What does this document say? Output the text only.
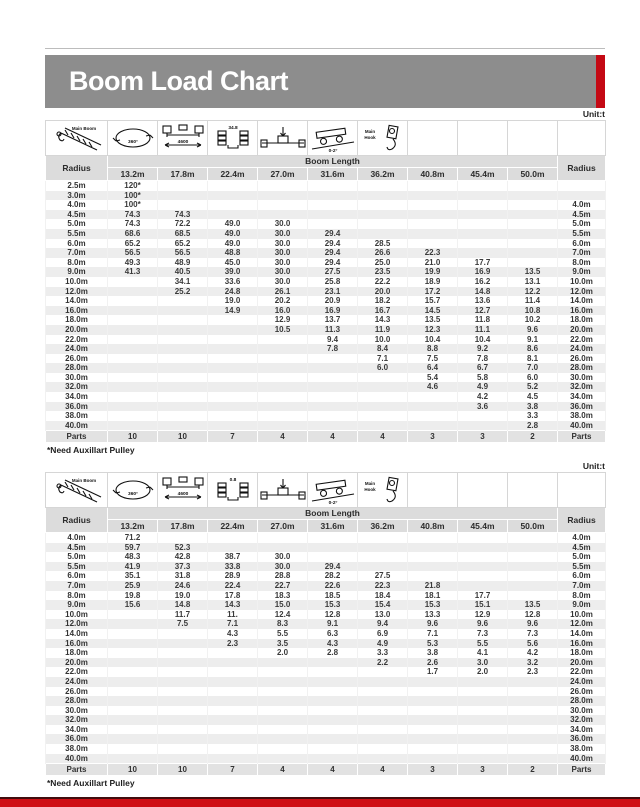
Boom Load Chart
Unit:t
Main Boom	360°	4600	34.8		0-2°	Main
Hook				

Radius	Boom Length									Radius
	13.2m	17.8m	22.4m	27.0m	31.6m	36.2m	40.8m	45.4m	50.0m	
2.5m	120*									
3.0m	100*									
4.0m	100*									4.0m
4.5m	74.3	74.3								4.5m
5.0m	74.3	72.2	49.0	30.0						5.0m
5.5m	68.6	68.5	49.0	30.0	29.4					5.5m
6.0m	65.2	65.2	49.0	30.0	29.4	28.5				6.0m
7.0m	56.5	56.5	48.8	30.0	29.4	26.6	22.3			7.0m
8.0m	49.3	48.9	45.0	30.0	29.4	25.0	21.0	17.7		8.0m
9.0m	41.3	40.5	39.0	30.0	27.5	23.5	19.9	16.9	13.5	9.0m
10.0m		34.1	33.6	30.0	25.8	22.2	18.9	16.2	13.1	10.0m
12.0m		25.2	24.8	26.1	23.1	20.0	17.2	14.8	12.2	12.0m
14.0m			19.0	20.2	20.9	18.2	15.7	13.6	11.4	14.0m
16.0m			14.9	16.0	16.9	16.7	14.5	12.7	10.8	16.0m
18.0m				12.9	13.7	14.3	13.5	11.8	10.2	18.0m
20.0m				10.5	11.3	11.9	12.3	11.1	9.6	20.0m
22.0m					9.4	10.0	10.4	10.4	9.1	22.0m
24.0m					7.8	8.4	8.8	9.2	8.6	24.0m
26.0m						7.1	7.5	7.8	8.1	26.0m
28.0m						6.0	6.4	6.7	7.0	28.0m
30.0m							5.4	5.8	6.0	30.0m
32.0m							4.6	4.9	5.2	32.0m
34.0m								4.2	4.5	34.0m
36.0m								3.6	3.8	36.0m
38.0m									3.3	38.0m
40.0m									2.8	40.0m
Parts	10	10	7	4	4	4	3	3	2	Parts
*Need Auxillart Pulley
Unit:t
Main Boom	360°	4600	0.8		0-2°	Main
Hook				

Radius	Boom Length									Radius
	13.2m	17.8m	22.4m	27.0m	31.6m	36.2m	40.8m	45.4m	50.0m	
4.0m	71.2									4.0m
4.5m	59.7	52.3								4.5m
5.0m	48.3	42.8	38.7	30.0						5.0m
5.5m	41.9	37.3	33.8	30.0	29.4					5.5m
6.0m	35.1	31.8	28.9	28.8	28.2	27.5				6.0m
7.0m	25.9	24.6	22.4	22.7	22.6	22.3	21.8			7.0m
8.0m	19.8	19.0	17.8	18.3	18.5	18.4	18.1	17.7		8.0m
9.0m	15.6	14.8	14.3	15.0	15.3	15.4	15.3	15.1	13.5	9.0m
10.0m		11.7	11.	12.4	12.8	13.0	13.3	12.9	12.8	10.0m
12.0m		7.5	7.1	8.3	9.1	9.4	9.6	9.6	9.6	12.0m
14.0m			4.3	5.5	6.3	6.9	7.1	7.3	7.3	14.0m
16.0m			2.3	3.5	4.3	4.9	5.3	5.5	5.6	16.0m
18.0m				2.0	2.8	3.3	3.8	4.1	4.2	18.0m
20.0m						2.2	2.6	3.0	3.2	20.0m
22.0m							1.7	2.0	2.3	22.0m
24.0m										24.0m
26.0m										26.0m
28.0m										28.0m
30.0m										30.0m
32.0m										32.0m
34.0m										34.0m
36.0m										36.0m
38.0m										38.0m
40.0m										40.0m
Parts	10	10	7	4	4	4	3	3	2	Parts
*Need Auxillart Pulley
